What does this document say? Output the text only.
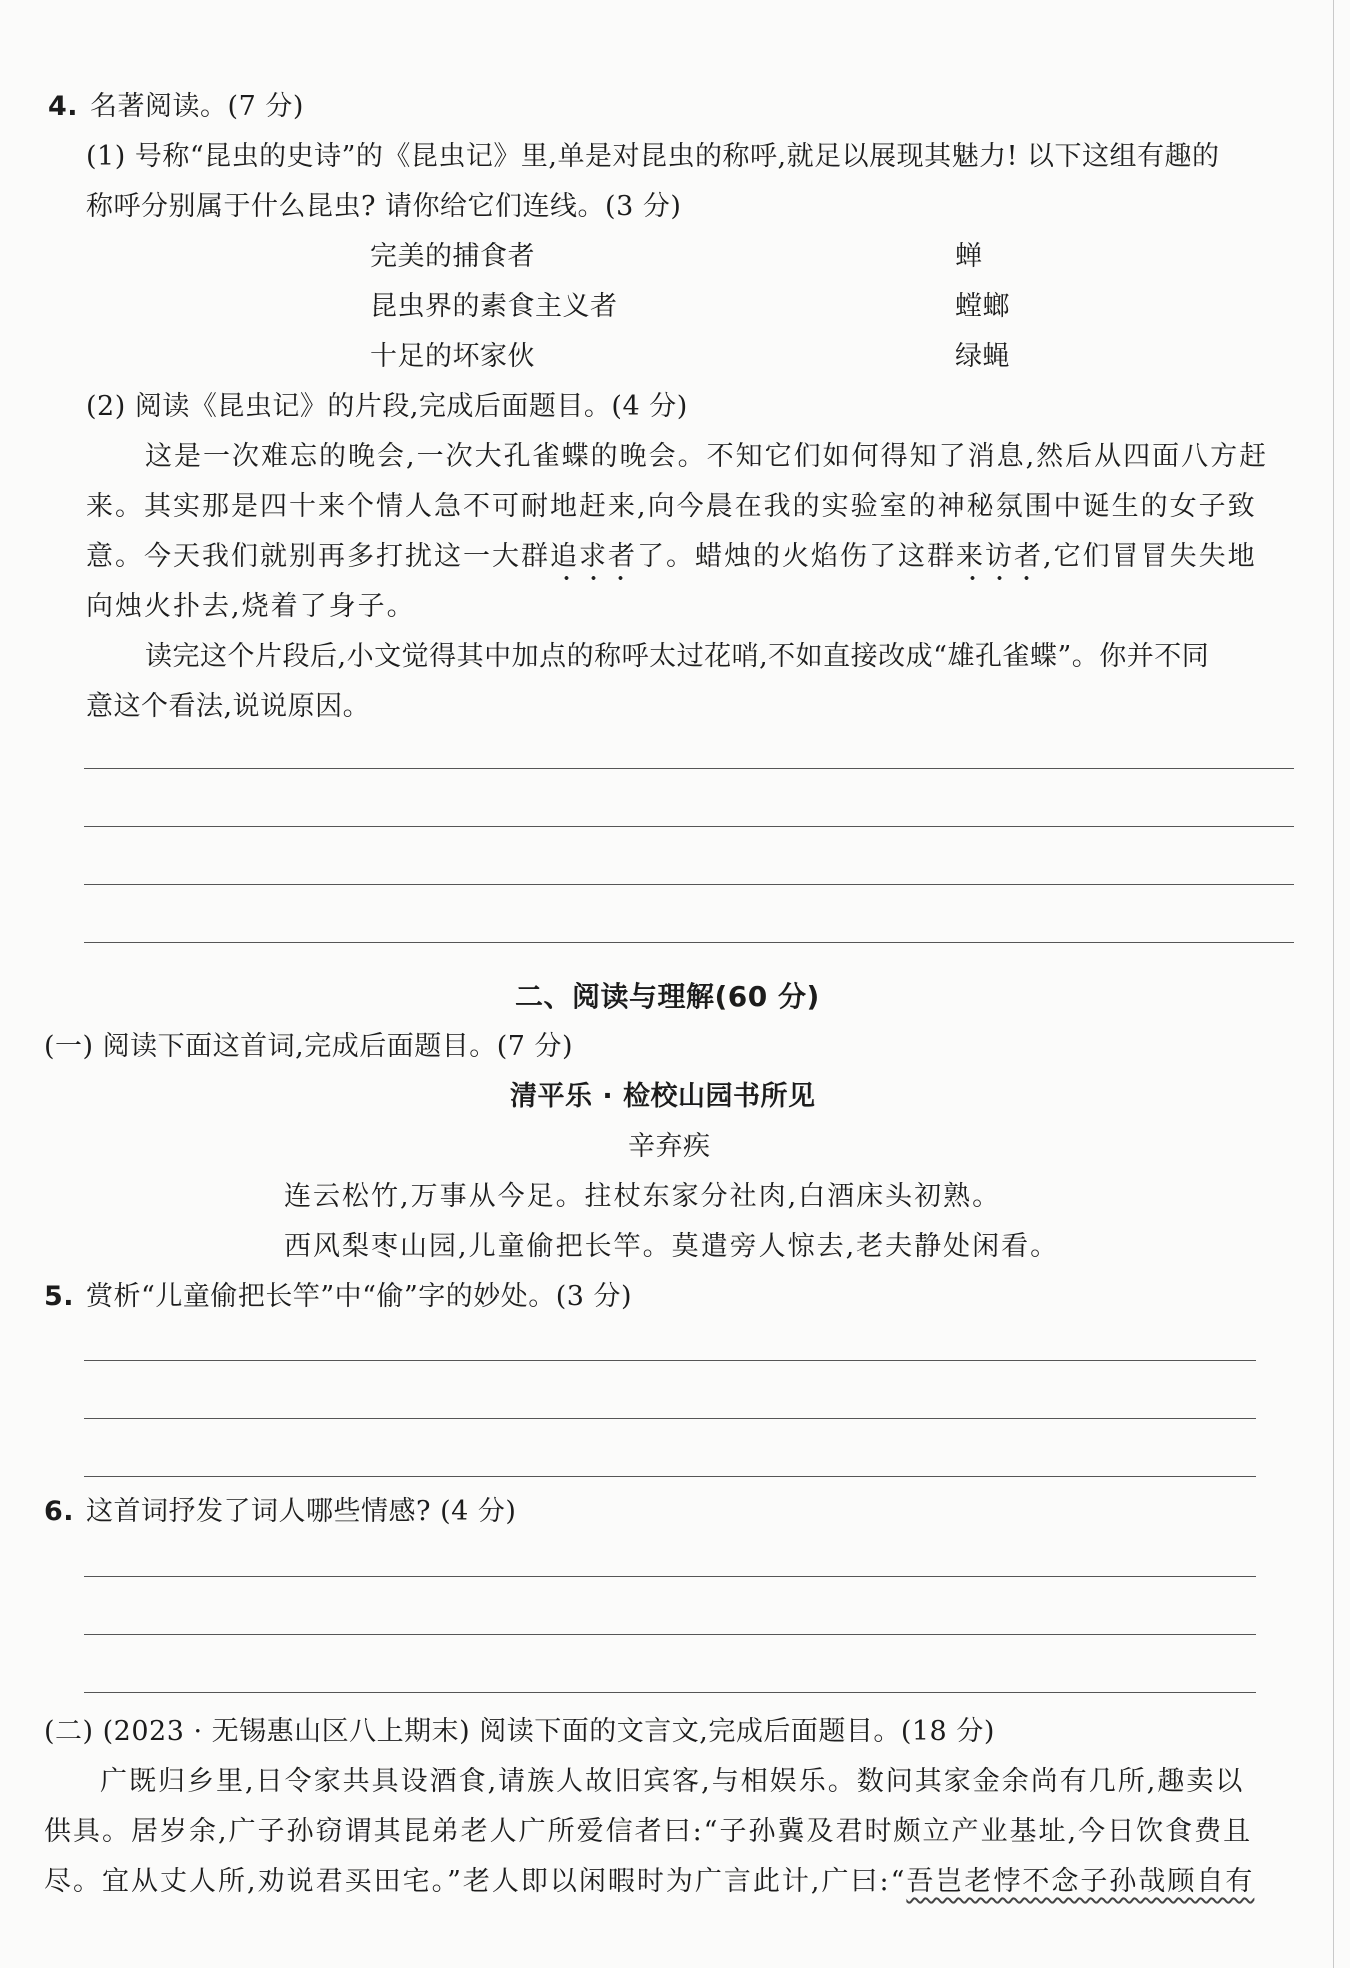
4. 名著阅读。(7 分)
(1) 号称“昆虫的史诗”的《昆虫记》里,单是对昆虫的称呼,就足以展现其魅力! 以下这组有趣的
称呼分别属于什么昆虫? 请你给它们连线。(3 分)
完美的捕食者
昆虫界的素食主义者
十足的坏家伙
蝉
螳螂
绿蝇
(2) 阅读《昆虫记》的片段,完成后面题目。(4 分)
这是一次难忘的晚会,一次大孔雀蝶的晚会。不知它们如何得知了消息,然后从四面八方赶
来。其实那是四十来个情人急不可耐地赶来,向今晨在我的实验室的神秘氛围中诞生的女子致
意。今天我们就别再多打扰这一大群追求者了。蜡烛的火焰伤了这群来访者,它们冒冒失失地
向烛火扑去,烧着了身子。
读完这个片段后,小文觉得其中加点的称呼太过花哨,不如直接改成“雄孔雀蝶”。你并不同
意这个看法,说说原因。
二、阅读与理解(60 分)
(一) 阅读下面这首词,完成后面题目。(7 分)
清平乐 · 检校山园书所见
辛弃疾
连云松竹,万事从今足。拄杖东家分社肉,白酒床头初熟。
西风梨枣山园,儿童偷把长竿。莫遣旁人惊去,老夫静处闲看。
5. 赏析“儿童偷把长竿”中“偷”字的妙处。(3 分)
6. 这首词抒发了词人哪些情感? (4 分)
(二) (2023 · 无锡惠山区八上期末) 阅读下面的文言文,完成后面题目。(18 分)
广既归乡里,日令家共具设酒食,请族人故旧宾客,与相娱乐。数问其家金余尚有几所,趣卖以
供具。居岁余,广子孙窃谓其昆弟老人广所爱信者曰:“子孙冀及君时颇立产业基址,今日饮食费且
尽。宜从丈人所,劝说君买田宅。”老人即以闲暇时为广言此计,广曰:“吾岂老悖不念子孙哉顾自有
